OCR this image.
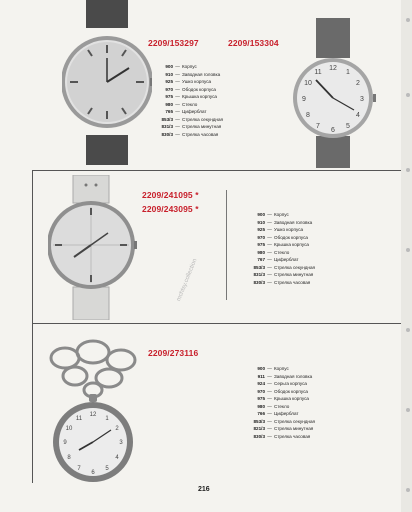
2209/153297	2209/153304
900 — Корпус
910 — Заводная головка
925 — Ушко корпуса
970 — Ободок корпуса
975 — Крышка корпуса
980 — Стекло
765 — Циферблат
853/3 — Стрелка секундная
831/3 — Стрелка минутная
830/3 — Стрелка часовая
12
6
9	3
1
2
4
5
7
8
10
11
2209/241095 *
2209/243095 *
900 — Корпус
910 — Заводная головка
925 — Ушко корпуса
970 — Ободок корпуса
975 — Крышка корпуса
980 — Стекло
767 — Циферблат
853/3 — Стрелка секундная
831/3 — Стрелка минутная
830/3 — Стрелка часовая
mchtsy.collection
12
6
9	3
1
2
4
5
7
8
10
11
2209/273116
900 — Корпус
911 — Заводная головка
924 — Серьга корпуса
970 — Ободок корпуса
975 — Крышка корпуса
980 — Стекло
766 — Циферблат
853/3 — Стрелка секундная
821/3 — Стрелка минутная
830/3 — Стрелка часовая
216
